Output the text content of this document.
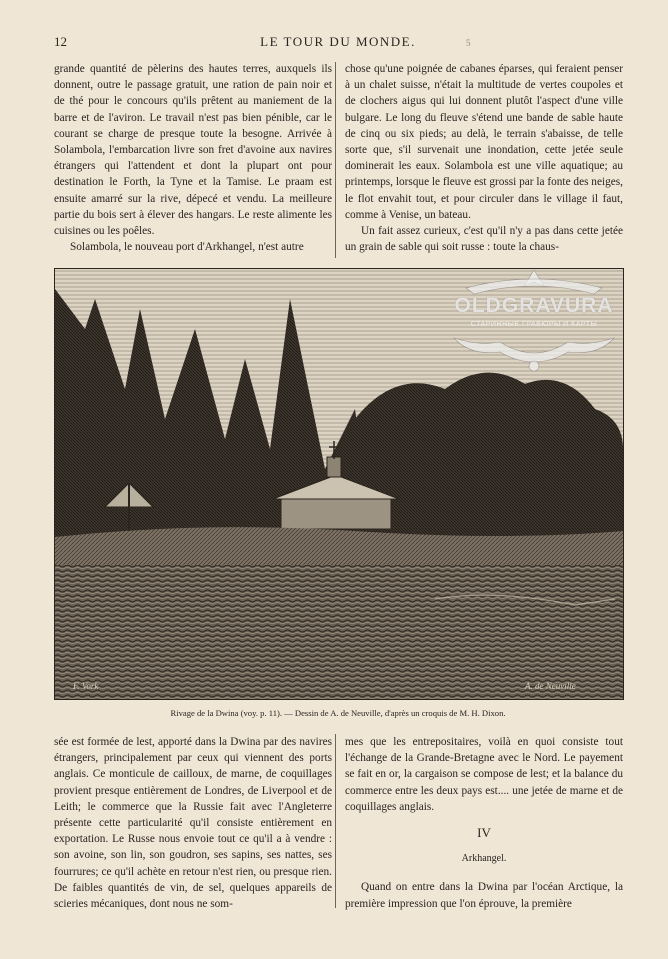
12	LE TOUR DU MONDE.	5

grande quantité de pèlerins des hautes terres, auxquels ils donnent, outre le passage gratuit, une ration de pain noir et de thé pour le concours qu'ils prêtent au maniement de la barre et de l'aviron. Le travail n'est pas bien pénible, car le courant se charge de presque toute la besogne. Arrivée à Solambola, l'embarcation livre son fret d'avoine aux navires étrangers qui l'attendent et dont la plupart ont pour destination le Forth, la Tyne et la Tamise. Le praam est ensuite amarré sur la rive, dépecé et vendu. La meilleure partie du bois sert à élever des hangars. Le reste alimente les cuisines ou les poêles.

Solambola, le nouveau port d'Arkhangel, n'est autre

chose qu'une poignée de cabanes éparses, qui feraient penser à un chalet suisse, n'était la multitude de vertes coupoles et de clochers aigus qui lui donnent plutôt l'aspect d'une ville bulgare. Le long du fleuve s'étend une bande de sable haute de cinq ou six pieds; au delà, le terrain s'abaisse, de telle sorte que, s'il survenait une inondation, cette jetée seule dominerait les eaux. Solambola est une ville aquatique; au printemps, lorsque le fleuve est grossi par la fonte des neiges, le flot envahit tout, et pour circuler dans le village il faut, comme à Venise, un bateau.

Un fait assez curieux, c'est qu'il n'y a pas dans cette jetée un grain de sable qui soit russe : toute la chaus-

F. Vork	A. de Neuville
OLDGRAVURA
СТАРИННЫЕ ГРАВЮРЫ И КАРТЫ
Rivage de la Dwina (voy. p. 11). — Dessin de A. de Neuville, d'après un croquis de M. H. Dixon.

sée est formée de lest, apporté dans la Dwina par des navires étrangers, principalement par ceux qui viennent des ports anglais. Ce monticule de cailloux, de marne, de coquillages provient presque entièrement de Londres, de Liverpool et de Leith; le commerce que la Russie fait avec l'Angleterre présente cette particularité qu'il consiste entièrement en exportation. Le Russe nous envoie tout ce qu'il a à vendre : son avoine, son lin, son goudron, ses sapins, ses nattes, ses fourrures; ce qu'il achète en retour n'est rien, ou presque rien. De faibles quantités de vin, de sel, quelques appareils de scieries mécaniques, dont nous ne som-

mes que les entrepositaires, voilà en quoi consiste tout l'échange de la Grande-Bretagne avec le Nord. Le payement se fait en or, la cargaison se compose de lest; et la balance du commerce entre les deux pays est.... une jetée de marne et de coquillages anglais.

IV
Arkhangel.

Quand on entre dans la Dwina par l'océan Arctique, la première impression que l'on éprouve, la première
